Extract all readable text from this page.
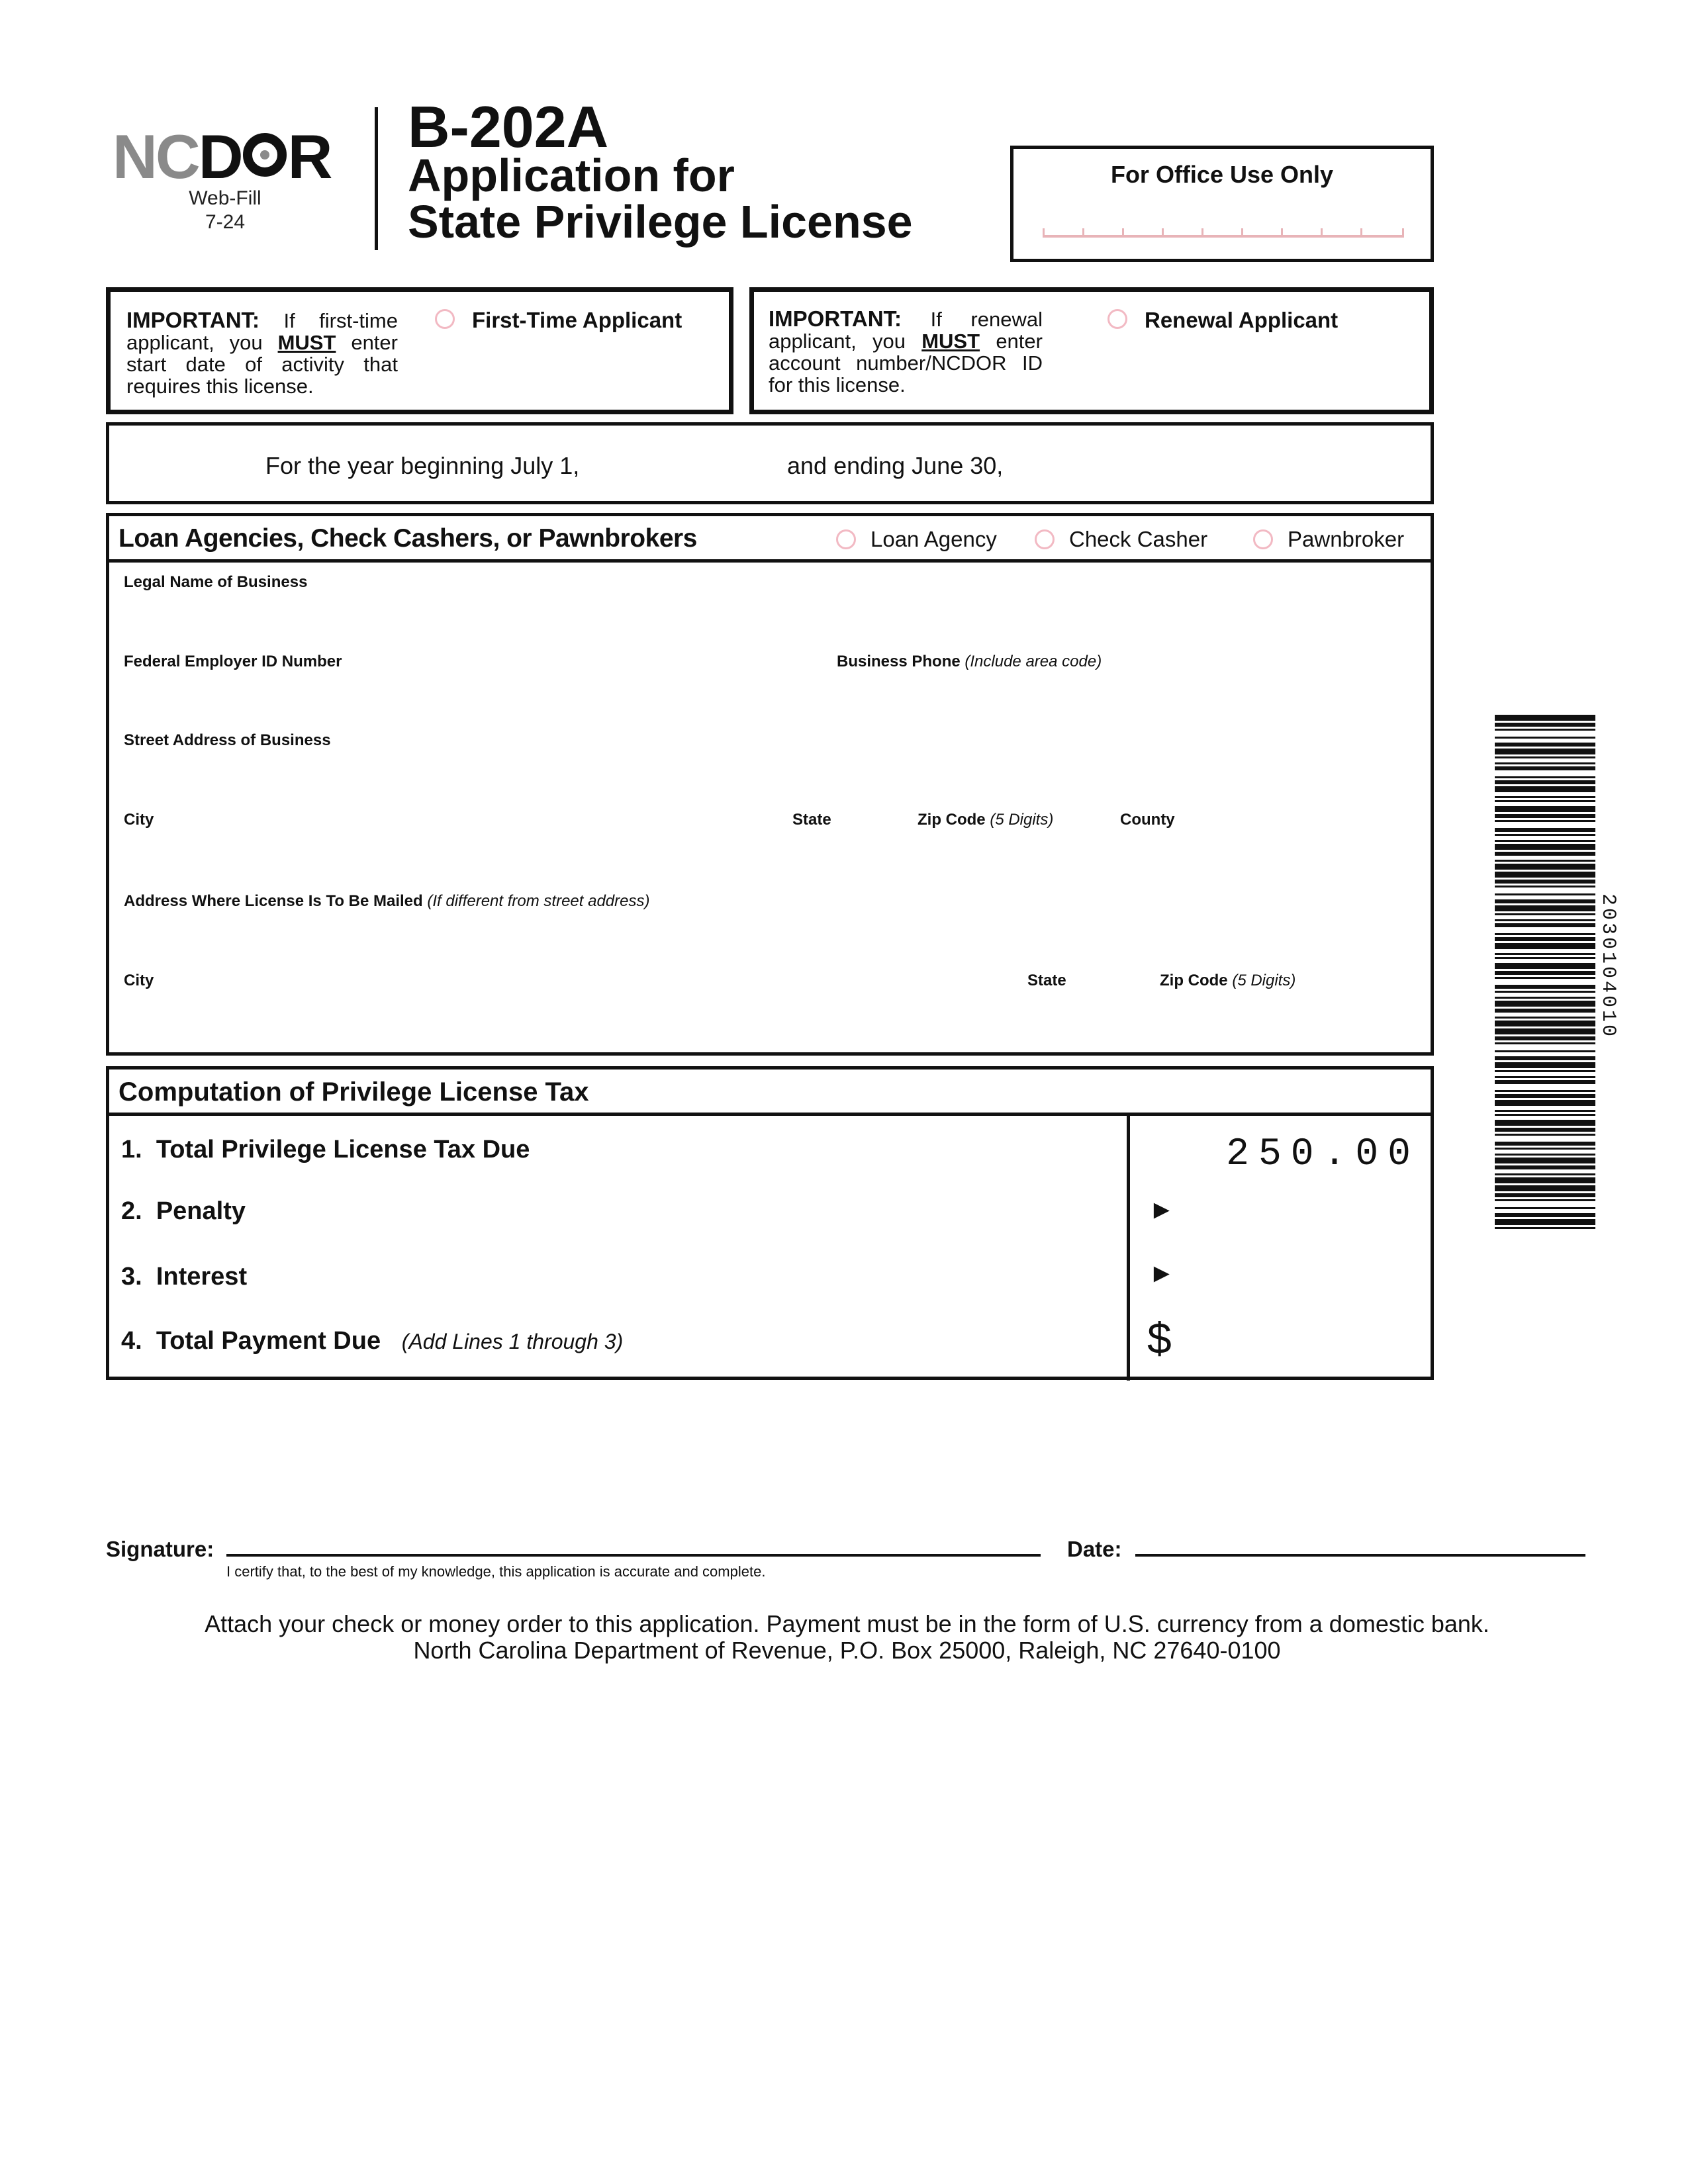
NCD R
Web-Fill
7-24
B-202A
Application for
State Privilege License
For Office Use Only
IMPORTANT: If first-time applicant, you MUST enter start date of activity that requires this license.
First-Time Applicant	IMPORTANT: If renewal applicant, you MUST enter account number/NCDOR ID for this license.
Renewal Applicant
For the year beginning July 1,	and ending June 30,
Loan Agencies, Check Cashers, or Pawnbrokers	Loan Agency	Check Casher	Pawnbroker
Legal Name of Business
Federal Employer ID Number	Business Phone (Include area code)
Street Address of Business
City	State	Zip Code (5 Digits)	County
Address Where License Is To Be Mailed (If different from street address)
City	State	Zip Code (5 Digits)
Computation of Privilege License Tax
1. Total Privilege License Tax Due	250.00
2. Penalty	►
3. Interest	►
4. Total Payment Due (Add Lines 1 through 3)	$
2030104010
Signature:
I certify that, to the best of my knowledge, this application is accurate and complete.
Date:
Attach your check or money order to this application. Payment must be in the form of U.S. currency from a domestic bank.
North Carolina Department of Revenue, P.O. Box 25000, Raleigh, NC 27640-0100
